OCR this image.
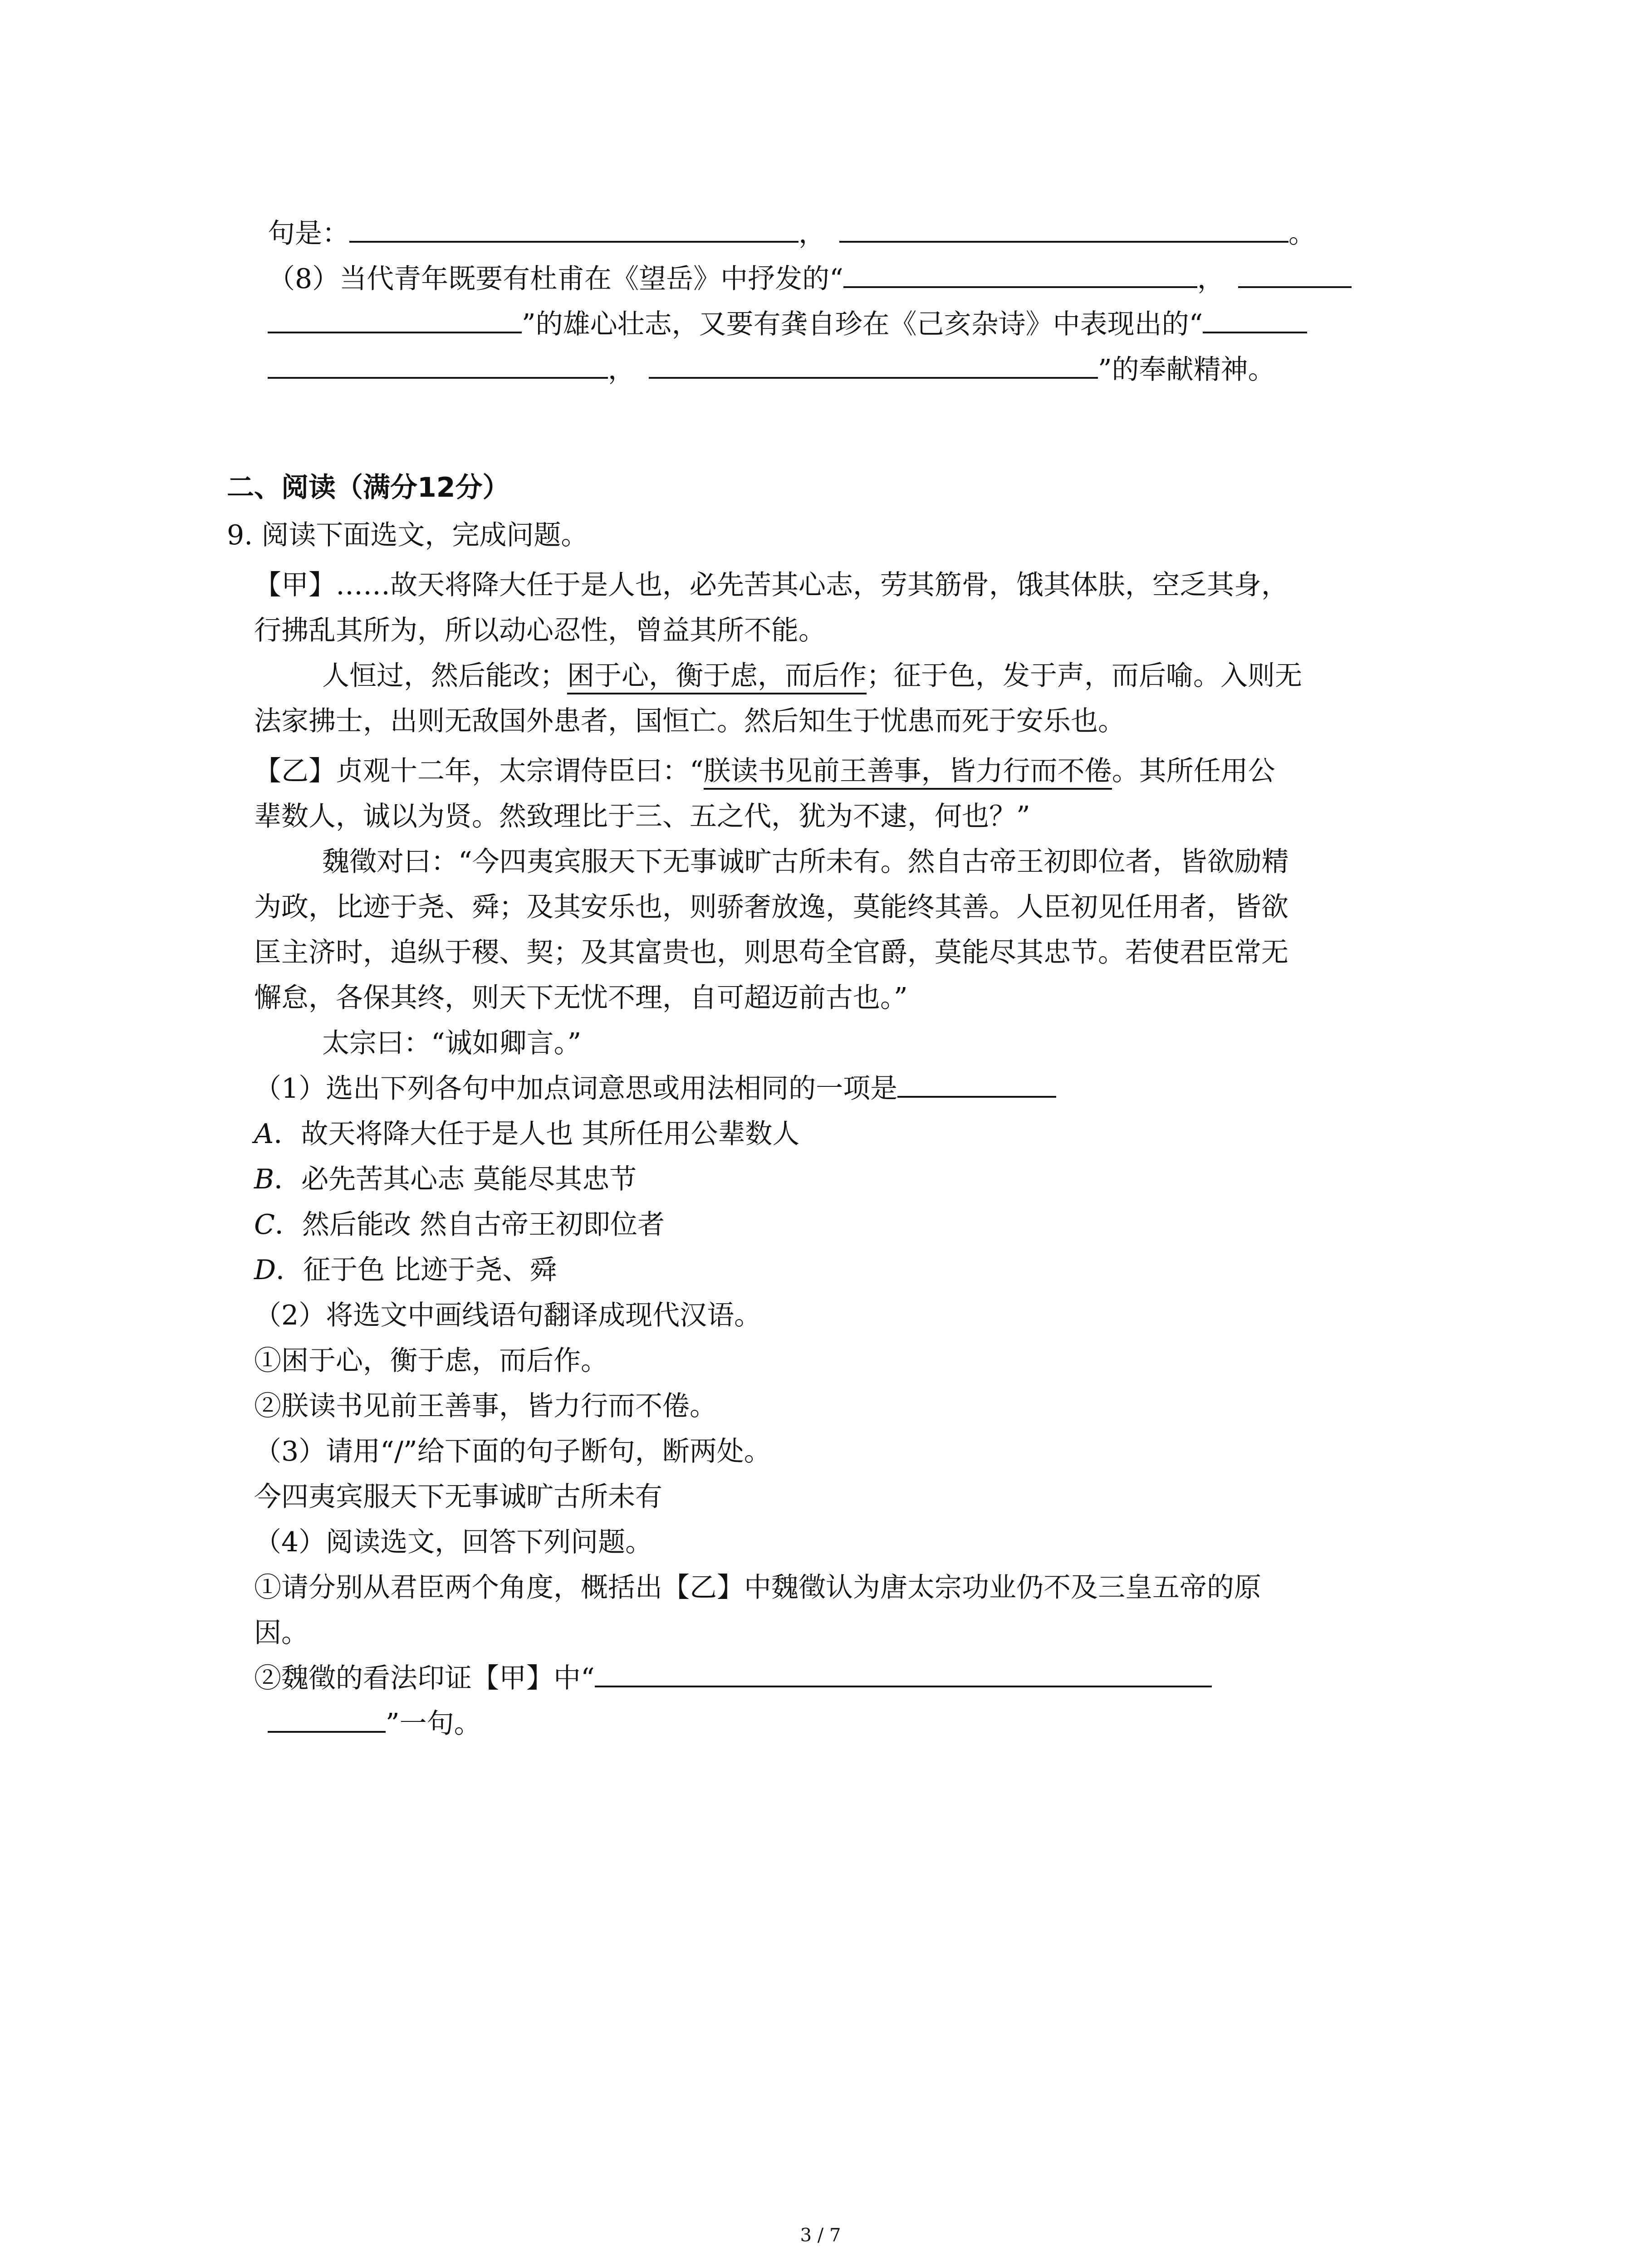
句是：	，	。
（8）当代青年既要有杜甫在《望岳》中抒发的“	，
”的雄心壮志，又要有龚自珍在《己亥杂诗》中表现出的“
，	”的奉献精神。
二、阅读（满分12分）
9. 阅读下面选文，完成问题。
【甲】……故天将降大任于是人也，必先苦其心志，劳其筋骨，饿其体肤，空乏其身，
行拂乱其所为，所以动心忍性，曾益其所不能。
人恒过，然后能改；困于心，衡于虑，而后作；征于色，发于声，而后喻。入则无
法家拂士，出则无敌国外患者，国恒亡。然后知生于忧患而死于安乐也。
【乙】贞观十二年，太宗谓侍臣曰：“朕读书见前王善事，皆力行而不倦。其所任用公
辈数人，诚以为贤。然致理比于三、五之代，犹为不逮，何也？”
魏徵对曰：“今四夷宾服天下无事诚旷古所未有。然自古帝王初即位者，皆欲励精
为政，比迹于尧、舜；及其安乐也，则骄奢放逸，莫能终其善。人臣初见任用者，皆欲
匡主济时，追纵于稷、契；及其富贵也，则思苟全官爵，莫能尽其忠节。若使君臣常无
懈怠，各保其终，则天下无忧不理，自可超迈前古也。”
太宗曰：“诚如卿言。”
（1）选出下列各句中加点词意思或用法相同的一项是
A．故天将降大任于是人也 其所任用公辈数人
B．必先苦其心志 莫能尽其忠节
C．然后能改 然自古帝王初即位者
D．征于色 比迹于尧、舜
（2）将选文中画线语句翻译成现代汉语。
①困于心，衡于虑，而后作。
②朕读书见前王善事，皆力行而不倦。
（3）请用“/”给下面的句子断句，断两处。
今四夷宾服天下无事诚旷古所未有
（4）阅读选文，回答下列问题。
①请分别从君臣两个角度，概括出【乙】中魏徵认为唐太宗功业仍不及三皇五帝的原
因。
②魏徵的看法印证【甲】中“
”一句。
3 / 7
